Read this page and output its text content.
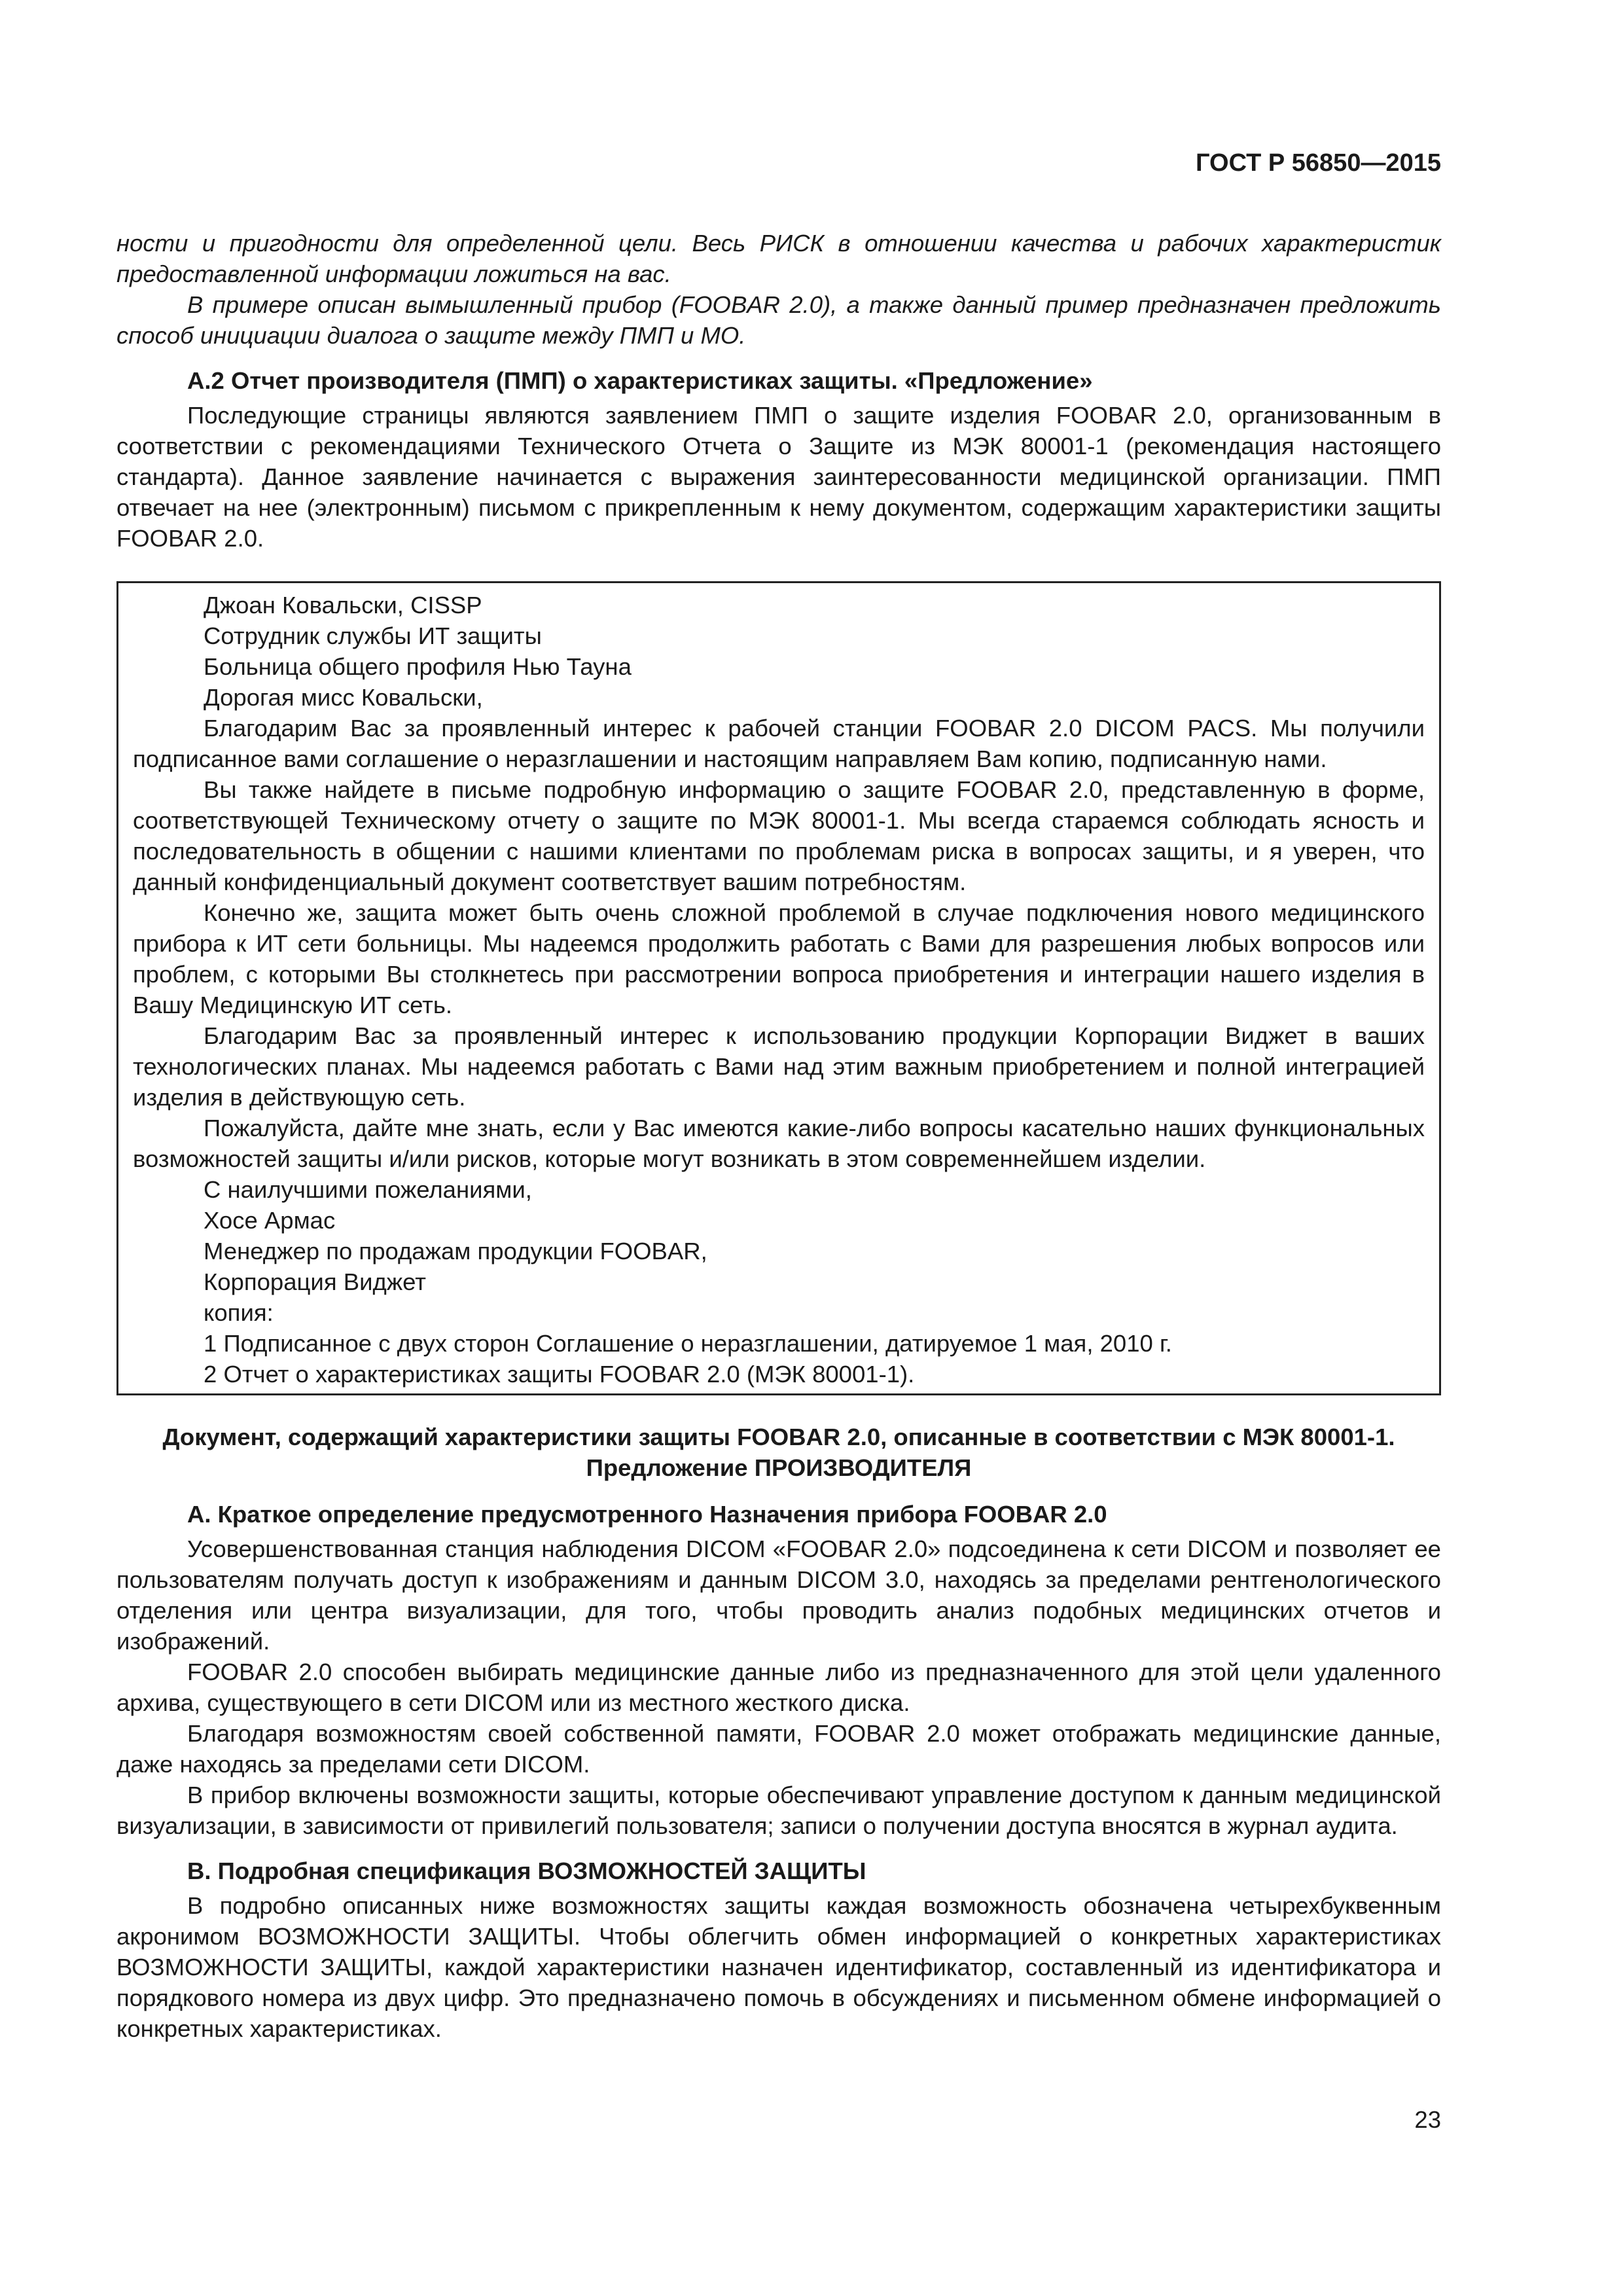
ГОСТ Р 56850—2015

ности и пригодности для определенной цели. Весь РИСК в отношении качества и рабочих характеристик предоставленной информации ложиться на вас.

В примере описан вымышленный прибор (FOOBAR 2.0), а также данный пример предназначен предложить способ инициации диалога о защите между ПМП и МО.

А.2 Отчет производителя (ПМП) о характеристиках защиты. «Предложение»

Последующие страницы являются заявлением ПМП о защите изделия FOOBAR 2.0, организованным в соответствии с рекомендациями Технического Отчета о Защите из МЭК 80001-1 (рекомендация настоящего стандарта). Данное заявление начинается с выражения заинтересованности медицинской организации. ПМП отвечает на нее (электронным) письмом с прикрепленным к нему документом, содержащим характеристики защиты FOOBAR 2.0.

Джоан Ковальски, CISSP

Сотрудник службы ИТ защиты

Больница общего профиля Нью Тауна

Дорогая мисс Ковальски,

Благодарим Вас за проявленный интерес к рабочей станции FOOBAR 2.0 DICOM PACS. Мы получили подписанное вами соглашение о неразглашении и настоящим направляем Вам копию, подписанную нами.

Вы также найдете в письме подробную информацию о защите FOOBAR 2.0, представленную в форме, соответствующей Техническому отчету о защите по МЭК 80001-1. Мы всегда стараемся соблюдать ясность и последовательность в общении с нашими клиентами по проблемам риска в вопросах защиты, и я уверен, что данный конфиденциальный документ соответствует вашим потребностям.

Конечно же, защита может быть очень сложной проблемой в случае подключения нового медицинского прибора к ИТ сети больницы. Мы надеемся продолжить работать с Вами для разрешения любых вопросов или проблем, с которыми Вы столкнетесь при рассмотрении вопроса приобретения и интеграции нашего изделия в Вашу Медицинскую ИТ сеть.

Благодарим Вас за проявленный интерес к использованию продукции Корпорации Виджет в ваших технологических планах. Мы надеемся работать с Вами над этим важным приобретением и полной интеграцией изделия в действующую сеть.

Пожалуйста, дайте мне знать, если у Вас имеются какие-либо вопросы касательно наших функциональных возможностей защиты и/или рисков, которые могут возникать в этом современнейшем изделии.

С наилучшими пожеланиями,

Хосе Армас

Менеджер по продажам продукции FOOBAR,

Корпорация Виджет

копия:

1 Подписанное с двух сторон Соглашение о неразглашении, датируемое 1 мая, 2010 г.

2 Отчет о характеристиках защиты FOOBAR 2.0 (МЭК 80001-1).

Документ, содержащий характеристики защиты FOOBAR 2.0, описанные в соответствии с МЭК 80001-1.

Предложение ПРОИЗВОДИТЕЛЯ

A. Краткое определение предусмотренного Назначения прибора FOOBAR 2.0

Усовершенствованная станция наблюдения DICOM «FOOBAR 2.0» подсоединена к сети DICOM и позволяет ее пользователям получать доступ к изображениям и данным DICOM 3.0, находясь за пределами рентгенологического отделения или центра визуализации, для того, чтобы проводить анализ подобных медицинских отчетов и изображений.

FOOBAR 2.0 способен выбирать медицинские данные либо из предназначенного для этой цели удаленного архива, существующего в сети DICOM или из местного жесткого диска.

Благодаря возможностям своей собственной памяти, FOOBAR 2.0 может отображать медицинские данные, даже находясь за пределами сети DICOM.

В прибор включены возможности защиты, которые обеспечивают управление доступом к данным медицинской визуализации, в зависимости от привилегий пользователя; записи о получении доступа вносятся в журнал аудита.

B. Подробная спецификация ВОЗМОЖНОСТЕЙ ЗАЩИТЫ

В подробно описанных ниже возможностях защиты каждая возможность обозначена четырехбуквенным акронимом ВОЗМОЖНОСТИ ЗАЩИТЫ. Чтобы облегчить обмен информацией о конкретных характеристиках ВОЗМОЖНОСТИ ЗАЩИТЫ, каждой характеристики назначен идентификатор, составленный из идентификатора и порядкового номера из двух цифр. Это предназначено помочь в обсуждениях и письменном обмене информацией о конкретных характеристиках.

23
